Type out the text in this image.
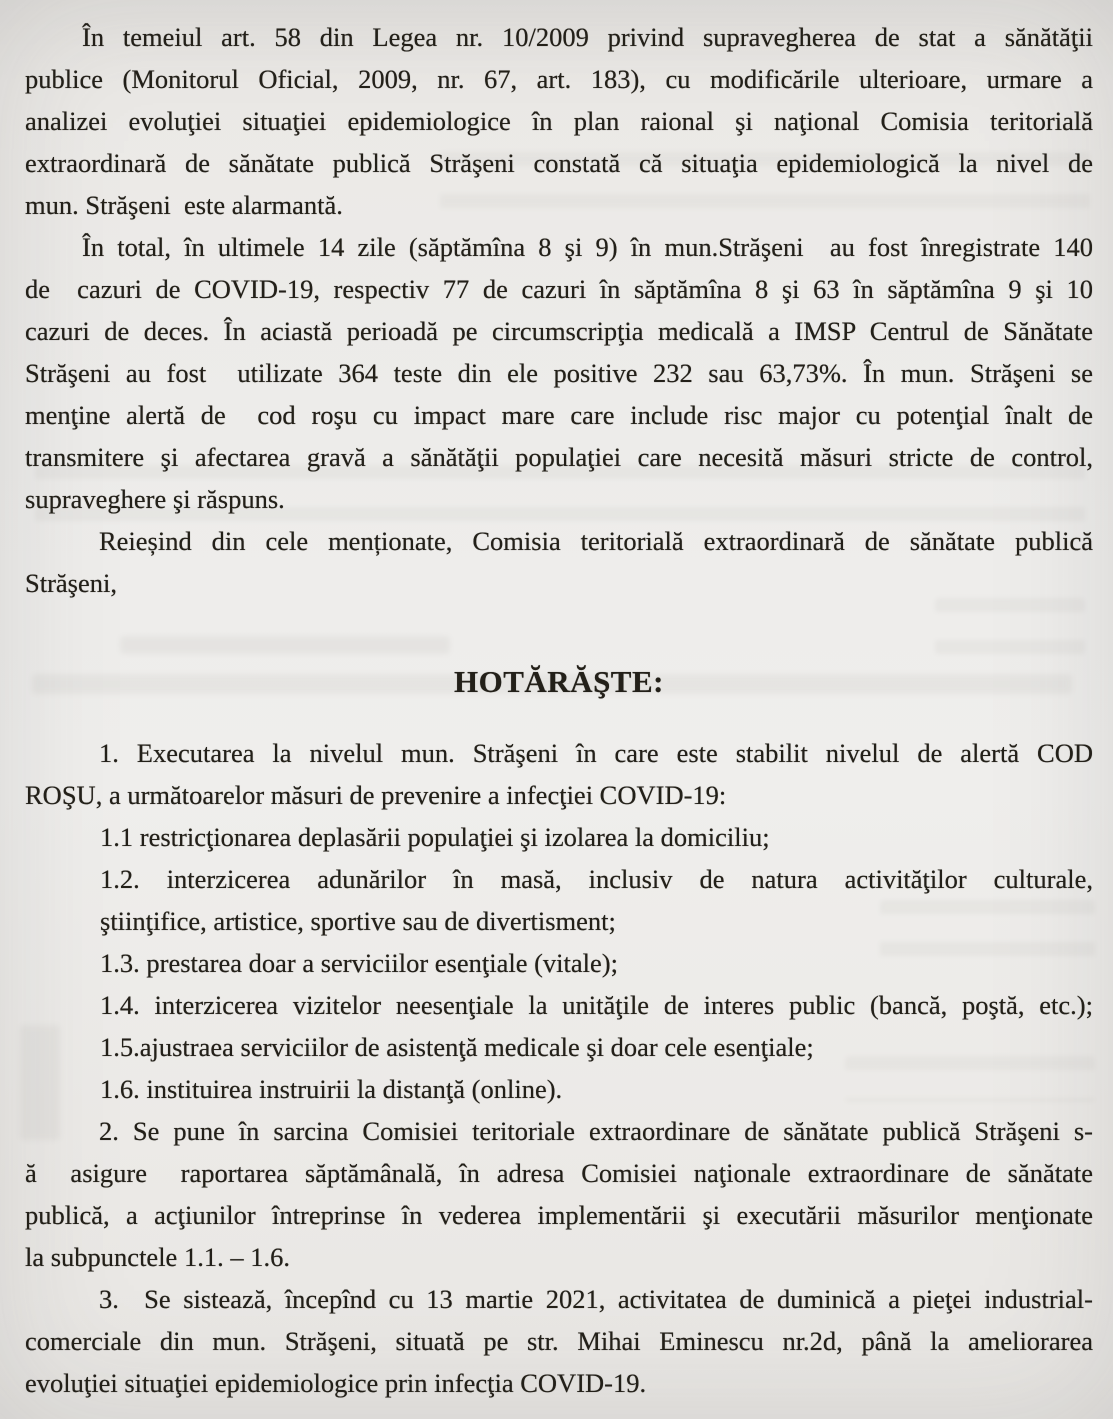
În temeiul art. 58 din Legea nr. 10/2009 privind supravegherea de stat a sănătăţii
publice (Monitorul Oficial, 2009, nr. 67, art. 183), cu modificările ulterioare, urmare a
analizei evoluţiei situaţiei epidemiologice în plan raional şi naţional Comisia teritorială
extraordinară de sănătate publică Străşeni constată că situaţia epidemiologică la nivel de
mun. Străşeni  este alarmantă.
În total, în ultimele 14 zile (săptămîna 8 şi 9) în mun.Străşeni  au fost înregistrate 140
de  cazuri de COVID-19, respectiv 77 de cazuri în săptămîna 8 şi 63 în săptămîna 9 şi 10
cazuri de deces. În aciastă perioadă pe circumscripţia medicală a IMSP Centrul de Sănătate
Străşeni au fost  utilizate 364 teste din ele positive 232 sau 63,73%. În mun. Străşeni se
menţine alertă de  cod roşu cu impact mare care include risc major cu potenţial înalt de
transmitere şi afectarea gravă a sănătăţii populaţiei care necesită măsuri stricte de control,
supraveghere şi răspuns.
Reieșind din cele menționate, Comisia teritorială extraordinară de sănătate publică
Străşeni,
HOTĂRĂŞTE:
1. Executarea la nivelul mun. Străşeni în care este stabilit nivelul de alertă COD
ROŞU, a următoarelor măsuri de prevenire a infecţiei COVID-19:
1.1 restricţionarea deplasării populaţiei şi izolarea la domiciliu;
1.2. interzicerea adunărilor în masă, inclusiv de natura activităţilor culturale,
ştiinţifice, artistice, sportive sau de divertisment;
1.3. prestarea doar a serviciilor esenţiale (vitale);
1.4. interzicerea vizitelor neesenţiale la unităţile de interes public (bancă, poştă, etc.);
1.5.ajustraea serviciilor de asistenţă medicale şi doar cele esenţiale;
1.6. instituirea instruirii la distanţă (online).
2. Se pune în sarcina Comisiei teritoriale extraordinare de sănătate publică Străşeni s-
ă  asigure  raportarea săptămânală, în adresa Comisiei naţionale extraordinare de sănătate
publică, a acţiunilor întreprinse în vederea implementării şi executării măsurilor menţionate
la subpunctele 1.1. – 1.6.
3.  Se sistează, începînd cu 13 martie 2021, activitatea de duminică a pieţei industrial-
comerciale din mun. Străşeni, situată pe str. Mihai Eminescu nr.2d, până la ameliorarea
evoluţiei situaţiei epidemiologice prin infecţia COVID-19.
